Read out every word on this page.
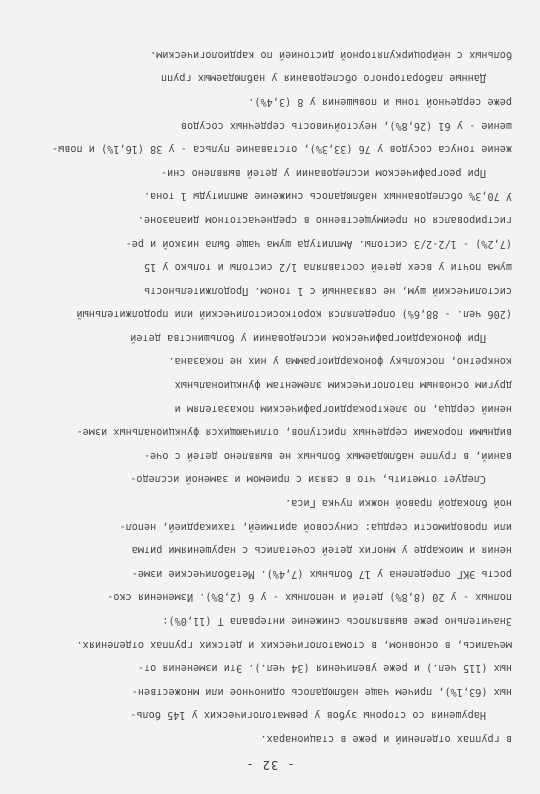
- 32 -
в группах отделений и реже в стационарах.
Нарушения со стороны зубов у ревматологических у 145 боль-
ных (63,1%), причем чаще наблюдалось одиночное или множествен-
ных (115 чел.) и реже увеличения (34 чел.). Эти изменения от-
мечались, в основном, в стоматологических и детских группах отделениях.
Значительно реже выявлялось снижение интервала Т (11,0%):
полных - у 20 (8,8%) детей и неполных - у 6 (2,8%). Изменения ско-
рость ЭКГ определена у 17 больных (7,4%). Метаболические изме-
нения и миокарде у многих детей сочетались с нарушениями ритма
или проводимости сердца: синусовой аритмией, тахикардией, непол-
ной блокадой правой ножки пучка Гиса.
Следует отметить, что в связи с приемом и заменой исследо-
ваний, в группе наблюдаемых больных не выявлено детей с оче-
видными пороками сердечных приступов, отличающихся функциональных изме-
нений сердца, по электрокардиографическим показателям и
другим основным патологическим элементам функциональных
конкретно, поскольку фонокардиограмма у них не показана.
При фонокардиографическом исследовании у большинства детей
(206 чел. - 88,6%) определялся короткосистолический или продолжительный
систолический шум, не связанный с 1 тоном. Продолжительность
шума почти у всех детей составляла 1/2 систолы и только у 15
(7,2%) - 1/2-2/3 систолы. Амплитуда шума чаще была низкой и ре-
гистрировался он преимущественно в среднечастотном диапазоне.
У 70,3% обследованных наблюдалось снижение амплитуды 1 тона.
При реографическом исследовании у детей выявлено сни-
жение тонуса сосудов у 76 (33,3%), отставание пульса - у 38 (16,1%) и повы-
шение - у 61 (26,8%), неустойчивость сердечных сосудов
реже сердечной тоны и повышения у 8 (3,4%).
Данные лабораторного обследования у наблюдаемых групп
больных с нейроциркуляторной дистонией по кардиологическим.
